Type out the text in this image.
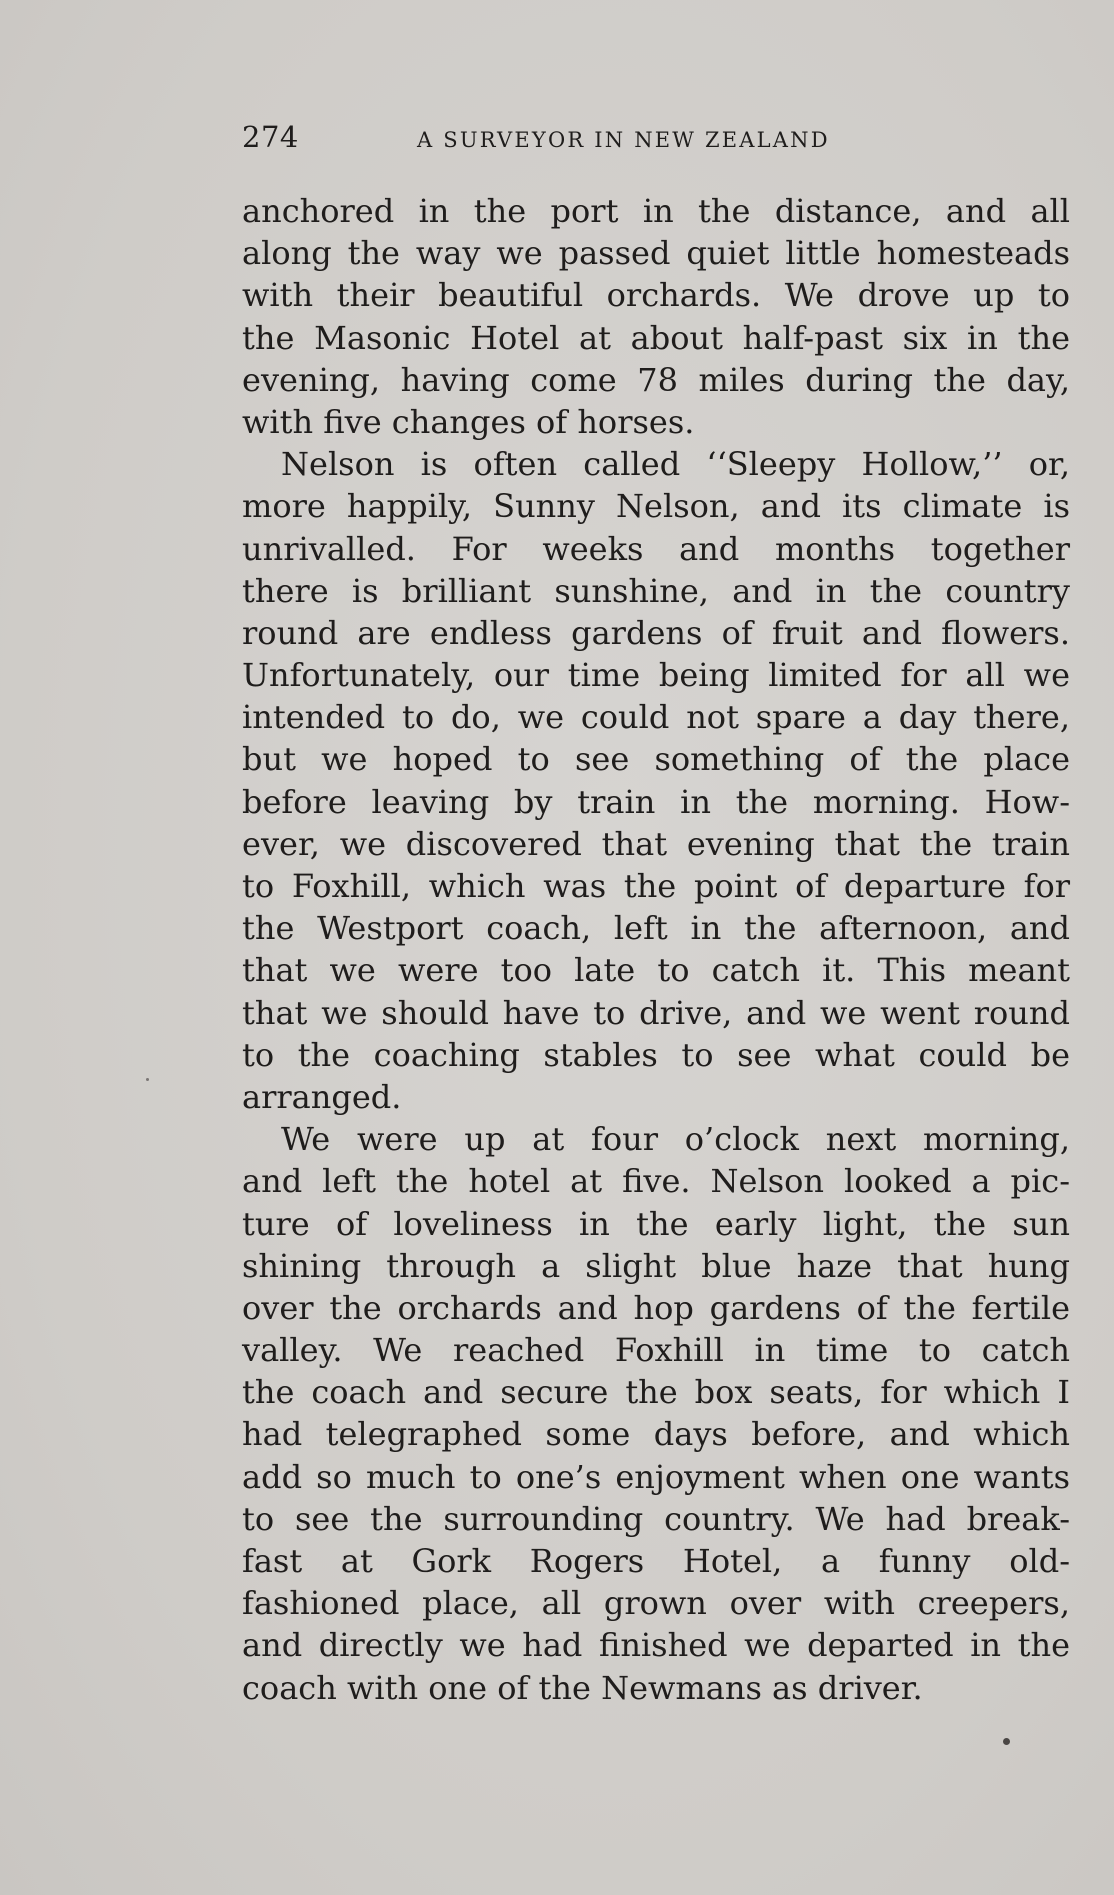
274	A SURVEYOR IN NEW ZEALAND
anchored in the port in the distance, and all
along the way we passed quiet little homesteads
with their beautiful orchards. We drove up to
the Masonic Hotel at about half-past six in the
evening, having come 78 miles during the day,
with five changes of horses.
Nelson is often called ‘‘Sleepy Hollow,’’ or,
more happily, Sunny Nelson, and its climate is
unrivalled. For weeks and months together
there is brilliant sunshine, and in the country
round are endless gardens of fruit and flowers.
Unfortunately, our time being limited for all we
intended to do, we could not spare a day there,
but we hoped to see something of the place
before leaving by train in the morning. How-
ever, we discovered that evening that the train
to Foxhill, which was the point of departure for
the Westport coach, left in the afternoon, and
that we were too late to catch it. This meant
that we should have to drive, and we went round
to the coaching stables to see what could be
arranged.
We were up at four o’clock next morning,
and left the hotel at five. Nelson looked a pic-
ture of loveliness in the early light, the sun
shining through a slight blue haze that hung
over the orchards and hop gardens of the fertile
valley. We reached Foxhill in time to catch
the coach and secure the box seats, for which I
had telegraphed some days before, and which
add so much to one’s enjoyment when one wants
to see the surrounding country. We had break-
fast at Gork Rogers Hotel, a funny old-
fashioned place, all grown over with creepers,
and directly we had finished we departed in the
coach with one of the Newmans as driver.
